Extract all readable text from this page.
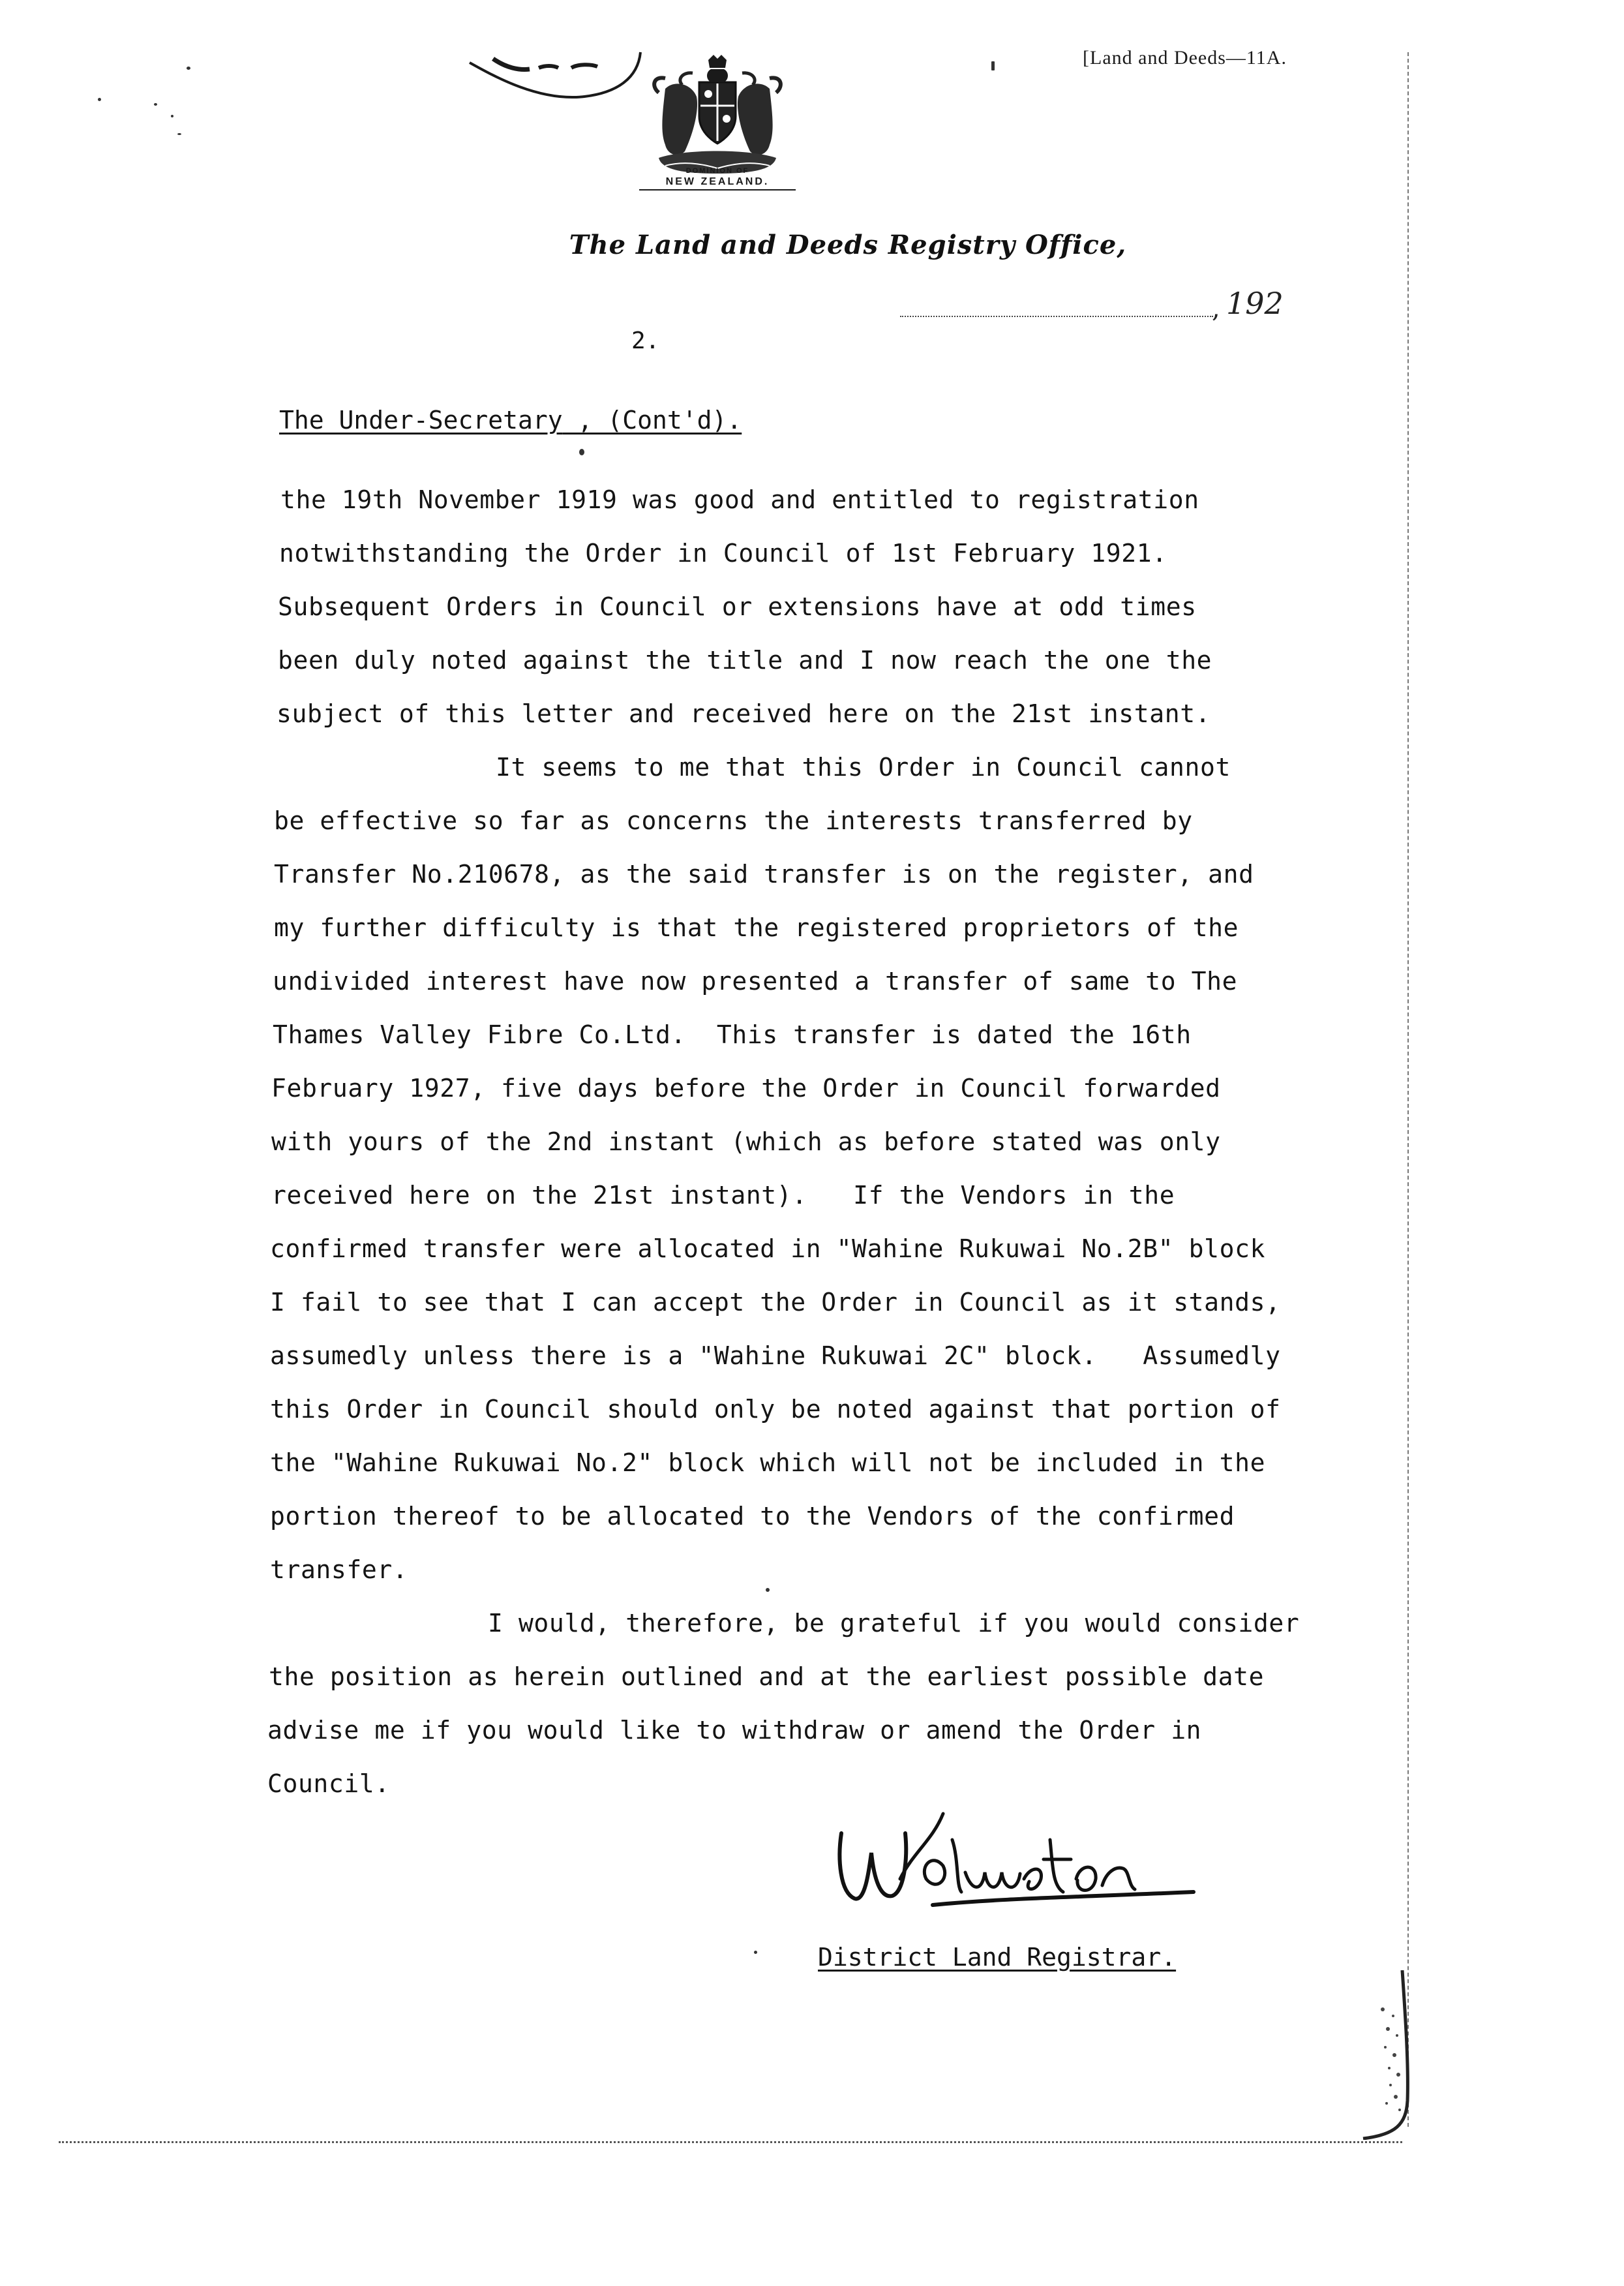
[Land and Deeds—11A.
DOMINION OF
NEW ZEALAND.
The Land and Deeds Registry Office,
, 192
2.
The Under-Secretary , (Cont'd).
the 19th November 1919 was good and entitled to registration
notwithstanding the Order in Council of 1st February 1921.
Subsequent Orders in Council or extensions have at odd times
been duly noted against the title and I now reach the one the
subject of this letter and received here on the 21st instant.
It seems to me that this Order in Council cannot
be effective so far as concerns the interests transferred by
Transfer No.210678, as the said transfer is on the register, and
my further difficulty is that the registered proprietors of the
undivided interest have now presented a transfer of same to The
Thames Valley Fibre Co.Ltd.  This transfer is dated the 16th
February 1927, five days before the Order in Council forwarded
with yours of the 2nd instant (which as before stated was only
received here on the 21st instant).   If the Vendors in the
confirmed transfer were allocated in "Wahine Rukuwai No.2B" block
I fail to see that I can accept the Order in Council as it stands,
assumedly unless there is a "Wahine Rukuwai 2C" block.   Assumedly
this Order in Council should only be noted against that portion of
the "Wahine Rukuwai No.2" block which will not be included in the
portion thereof to be allocated to the Vendors of the confirmed
transfer.
I would, therefore, be grateful if you would consider
the position as herein outlined and at the earliest possible date
advise me if you would like to withdraw or amend the Order in
Council.
District Land Registrar.
